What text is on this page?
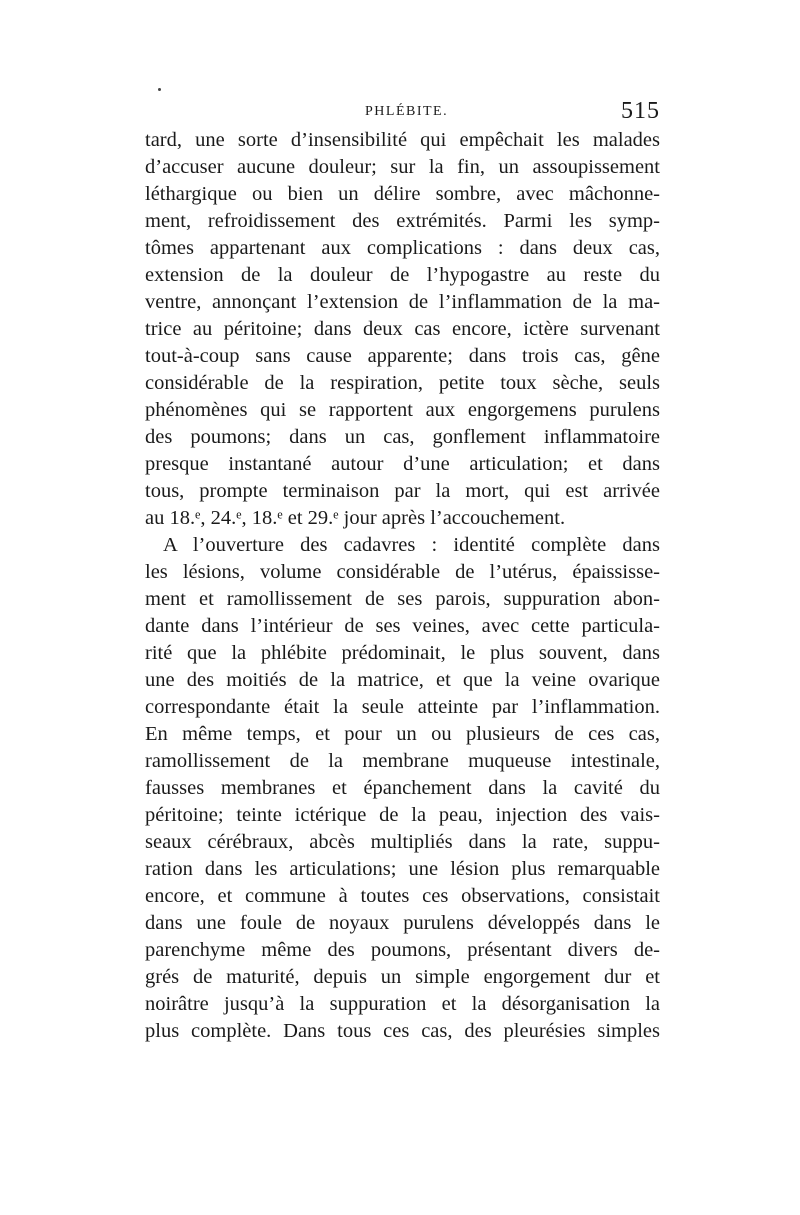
PHLÉBITE.	515
tard, une sorte d’insensibilité qui empêchait les malades
d’accuser aucune douleur; sur la fin, un assoupissement
léthargique ou bien un délire sombre, avec mâchonne-
ment, refroidissement des extrémités. Parmi les symp-
tômes appartenant aux complications : dans deux cas,
extension de la douleur de l’hypogastre au reste du
ventre, annonçant l’extension de l’inflammation de la ma-
trice au péritoine; dans deux cas encore, ictère survenant
tout-à-coup sans cause apparente; dans trois cas, gêne
considérable de la respiration, petite toux sèche, seuls
phénomènes qui se rapportent aux engorgemens purulens
des poumons; dans un cas, gonflement inflammatoire
presque instantané autour d’une articulation; et dans
tous, prompte terminaison par la mort, qui est arrivée
au 18.ᵉ, 24.ᵉ, 18.ᵉ et 29.ᵉ jour après l’accouchement.
A l’ouverture des cadavres : identité complète dans
les lésions, volume considérable de l’utérus, épaississe-
ment et ramollissement de ses parois, suppuration abon-
dante dans l’intérieur de ses veines, avec cette particula-
rité que la phlébite prédominait, le plus souvent, dans
une des moitiés de la matrice, et que la veine ovarique
correspondante était la seule atteinte par l’inflammation.
En même temps, et pour un ou plusieurs de ces cas,
ramollissement de la membrane muqueuse intestinale,
fausses membranes et épanchement dans la cavité du
péritoine; teinte ictérique de la peau, injection des vais-
seaux cérébraux, abcès multipliés dans la rate, suppu-
ration dans les articulations; une lésion plus remarquable
encore, et commune à toutes ces observations, consistait
dans une foule de noyaux purulens développés dans le
parenchyme même des poumons, présentant divers de-
grés de maturité, depuis un simple engorgement dur et
noirâtre jusqu’à la suppuration et la désorganisation la
plus complète. Dans tous ces cas, des pleurésies simples
